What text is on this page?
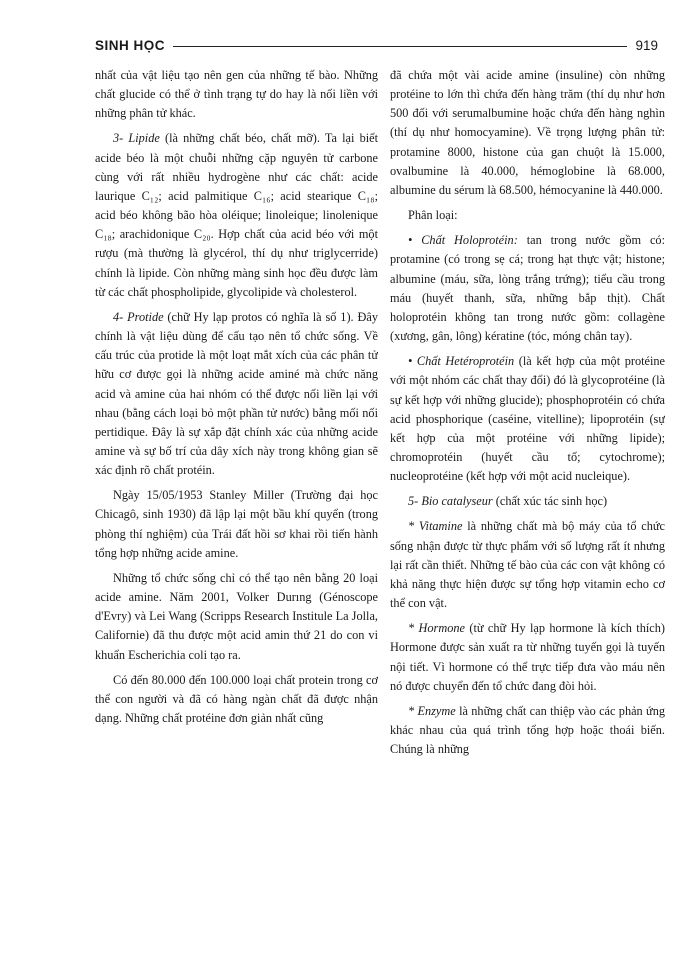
SINH HỌC	919

nhất của vật liệu tạo nên gen của những tế bào. Những chất glucide có thể ở tình trạng tự do hay là nối liền với những phân tử khác.

3- Lipide (là những chất béo, chất mỡ). Ta lại biết acide béo là một chuỗi những cặp nguyên tử carbone cùng với rất nhiều hydrogène như các chất: acide laurique C₁₂; acid palmitique C₁₆; acid stearique C₁₈; acid béo không bão hòa oléique; linoleique; linolenique C₁₈; arachidonique C₂₀. Hợp chất của acid béo với một rượu (mà thường là glycérol, thí dụ như triglycerride) chính là lipide. Còn những màng sinh học đều được làm từ các chất phospholipide, glycolipide và cholesterol.

4- Protide (chữ Hy lạp protos có nghĩa là số 1). Đây chính là vật liệu dùng để cấu tạo nên tổ chức sống. Về cấu trúc của protide là một loạt mắt xích của các phân tử hữu cơ được gọi là những acide aminé mà chức năng acid và amine của hai nhóm có thể được nối liền lại với nhau (bằng cách loại bỏ một phần tử nước) bằng mối nối pertidique. Đây là sự xắp đặt chính xác của những acide amine và sự bố trí của dây xích này trong không gian sẽ xác định rõ chất protéin.

Ngày 15/05/1953 Stanley Miller (Trường đại học Chicagô, sinh 1930) đã lập lại một bầu khí quyển (trong phòng thí nghiệm) của Trái đất hồi sơ khai rồi tiến hành tổng hợp những acide amine.

Những tổ chức sống chỉ có thể tạo nên bằng 20 loại acide amine. Năm 2001, Volker Durıng (Génoscope d'Evry) và Lei Wang (Scripps Research Institule La Jolla, Californie) đã thu được một acid amin thứ 21 do con vi khuẩn Escherichia coli tạo ra.

Có đến 80.000 đến 100.000 loại chất protein trong cơ thể con người và đã có hàng ngàn chất đã được nhận dạng. Những chất protéine đơn giản nhất cũng

đã chứa một vài acide amine (insuline) còn những protéine to lớn thì chứa đến hàng trăm (thí dụ như hơn 500 đối với serumalbumine hoặc chứa đến hàng nghìn (thí dụ như homocyamine). Về trọng lượng phân tử: protamine 8000, histone của gan chuột là 15.000, ovalbumine là 40.000, hémoglobine là 68.000, albumine du sérum là 68.500, hémocyanine là 440.000.

Phân loại:

• Chất Holoprotéin: tan trong nước gồm có: protamine (có trong sẹ cá; trong hạt thực vật; histone; albumine (máu, sữa, lòng trắng trứng); tiểu cầu trong máu (huyết thanh, sữa, những bắp thịt). Chất holoprotéin không tan trong nước gồm: collagène (xương, gân, lông) kératine (tóc, móng chân tay).

• Chất Hetéroprotéin (là kết hợp của một protéine với một nhóm các chất thay đổi) đó là glycoprotéine (là sự kết hợp với những glucide); phosphoprotéin có chứa acid phosphorique (caséine, vitelline); lipoprotéin (sự kết hợp của một protéine với những lipide); chromoprotéin (huyết cầu tố; cytochrome); nucleoprotéine (kết hợp với một acid nucleique).

5- Bio catalyseur (chất xúc tác sinh học)

* Vitamine là những chất mà bộ máy của tổ chức sống nhận được từ thực phẩm với số lượng rất ít nhưng lại rất cần thiết. Những tế bào của các con vật không có khả năng thực hiện được sự tổng hợp vitamin echo cơ thể con vật.

* Hormone (từ chữ Hy lạp hormone là kích thích) Hormone được sản xuất ra từ những tuyến gọi là tuyến nội tiết. Vì hormone có thể trực tiếp đưa vào máu nên nó được chuyển đến tổ chức đang đòi hỏi.

* Enzyme là những chất can thiệp vào các phản ứng khác nhau của quá trình tổng hợp hoặc thoái biến. Chúng là những
